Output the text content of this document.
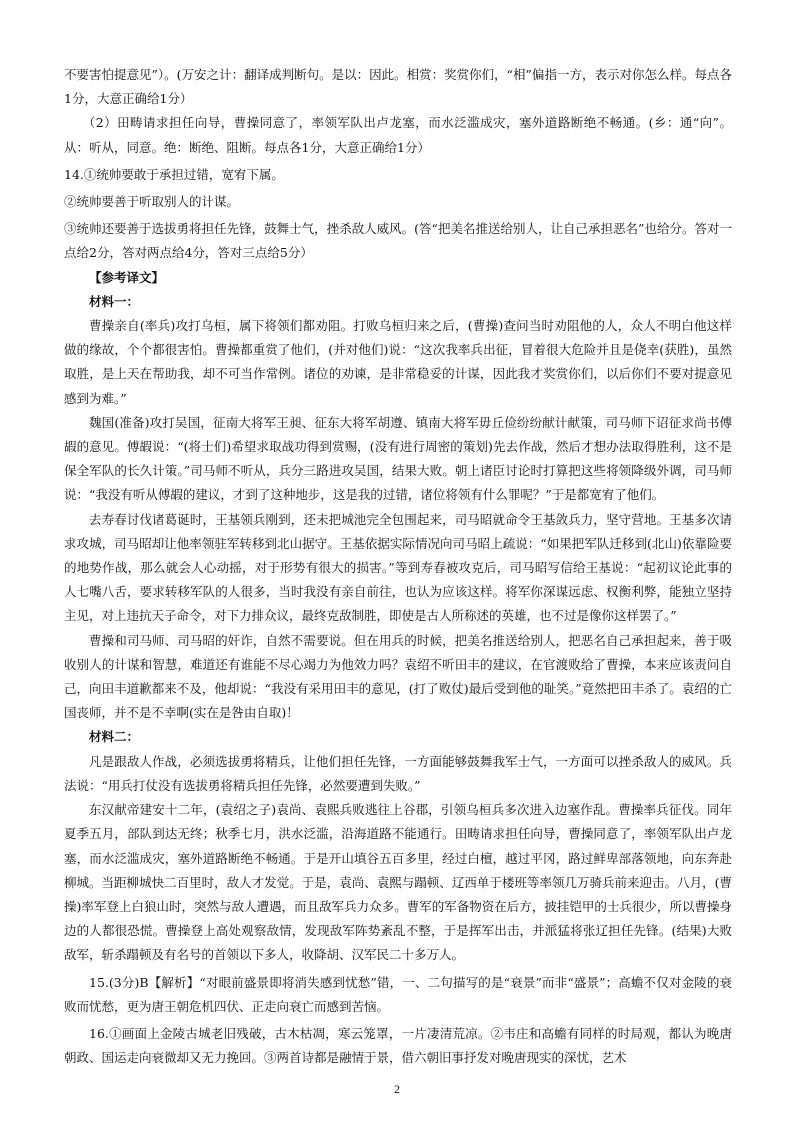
不要害怕提意见”）。(万安之计：翻译成判断句。是以：因此。相赏：奖赏你们，“相”偏指一方，表示对你怎么样。每点各1分，大意正确给1分）

（2）田畴请求担任向导，曹操同意了，率领军队出卢龙塞，而水泛滥成灾，塞外道路断绝不畅通。(乡：通“向”。从：听从，同意。绝：断绝、阻断。每点各1分，大意正确给1分）

14.①统帅要敢于承担过错，宽宥下属。

②统帅要善于听取别人的计谋。

③统帅还要善于选拔勇将担任先锋，鼓舞士气，挫杀敌人威风。(答“把美名推送给别人，让自己承担恶名”也给分。答对一点给2分，答对两点给4分，答对三点给5分）

【参考译文】

材料一：

曹操亲自(率兵)攻打乌桓，属下将领们都劝阻。打败乌桓归来之后，(曹操)查问当时劝阻他的人，众人不明白他这样做的缘故，个个都很害怕。曹操都重赏了他们，(并对他们)说：“这次我率兵出征，冒着很大危险并且是侥幸(获胜)，虽然取胜，是上天在帮助我，却不可当作常例。诸位的劝谏，是非常稳妥的计谋，因此我才奖赏你们，以后你们不要对提意见感到为难。”

魏国(准备)攻打吴国，征南大将军王昶、征东大将军胡遵、镇南大将军毋丘俭纷纷献计献策，司马师下诏征求尚书傅嘏的意见。傅嘏说：“(将士们)希望求取战功得到赏赐，(没有进行周密的策划)先去作战，然后才想办法取得胜利，这不是保全军队的长久计策。”司马师不听从，兵分三路进攻吴国，结果大败。朝上诸臣讨论时打算把这些将领降级外调，司马师说：“我没有听从傅嘏的建议，才到了这种地步，这是我的过错，诸位将领有什么罪呢？”于是都宽宥了他们。

去寿春讨伐诸葛诞时，王基领兵刚到，还未把城池完全包围起来，司马昭就命令王基敛兵力，坚守营地。王基多次请求攻城，司马昭却让他率领驻军转移到北山据守。王基依据实际情况向司马昭上疏说：“如果把军队迁移到(北山)依靠险要的地势作战，那么就会人心动摇，对于形势有很大的损害。”等到寿春被攻克后，司马昭写信给王基说：“起初议论此事的人七嘴八舌，要求转移军队的人很多，当时我没有亲自前往，也认为应该这样。将军你深谋远虑、权衡利弊，能独立坚持主见，对上违抗天子命令，对下力排众议，最终克敌制胜，即使是古人所称述的英雄，也不过是像你这样罢了。”

曹操和司马师、司马昭的奸诈，自然不需要说。但在用兵的时候，把美名推送给别人，把恶名自己承担起来，善于吸收别人的计谋和智慧，难道还有谁能不尽心竭力为他效力吗？袁绍不听田丰的建议，在官渡败给了曹操，本来应该责问自己，向田丰道歉都来不及，他却说：“我没有采用田丰的意见，(打了败仗)最后受到他的耻笑。”竟然把田丰杀了。袁绍的亡国丧师，并不是不幸啊(实在是咎由自取)！

材料二：

凡是跟敌人作战，必须选拔勇将精兵，让他们担任先锋，一方面能够鼓舞我军士气，一方面可以挫杀敌人的威风。兵法说：“用兵打仗没有选拔勇将精兵担任先锋，必然要遭到失败。”

东汉献帝建安十二年，(袁绍之子)袁尚、袁熙兵败逃往上谷郡，引领乌桓兵多次进入边塞作乱。曹操率兵征伐。同年夏季五月，部队到达无终；秋季七月，洪水泛滥，沿海道路不能通行。田畴请求担任向导，曹操同意了，率领军队出卢龙塞，而水泛滥成灾，塞外道路断绝不畅通。于是开山填谷五百多里，经过白檀，越过平冈，路过鲜卑部落领地，向东奔赴柳城。当距柳城快二百里时，敌人才发觉。于是，袁尚、袁熙与蹋顿、辽西单于楼班等率领几万骑兵前来迎击。八月，(曹操)率军登上白狼山时，突然与敌人遭遇，而且敌军兵力众多。曹军的军备物资在后方，披挂铠甲的士兵很少，所以曹操身边的人都很恐慌。曹操登上高处观察敌情，发现敌军阵势紊乱不整，于是挥军出击，并派猛将张辽担任先锋。(结果)大败敌军，斩杀蹋顿及有名号的首领以下多人，收降胡、汉军民二十多万人。

15.(3分)B【解析】“对眼前盛景即将消失感到忧愁”错，一、二句描写的是“衰景”而非“盛景”；高蟾不仅对金陵的衰败而忧愁，更为唐王朝危机四伏、正走向衰亡而感到苦恼。

16.①画面上金陵古城老旧残破，古木枯凋，寒云笼罩，一片凄清荒凉。②韦庄和高蟾有同样的时局观，都认为晚唐朝政、国运走向衰微却又无力挽回。③两首诗都是融情于景，借六朝旧事抒发对晚唐现实的深忧，艺术

2
